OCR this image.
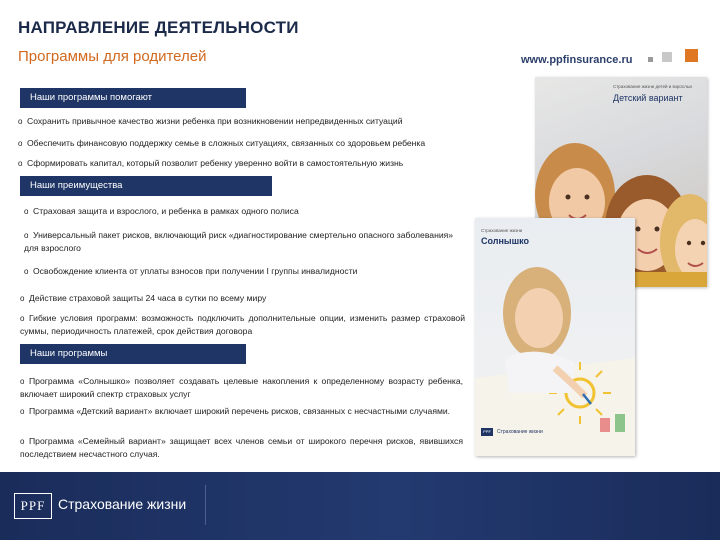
НАПРАВЛЕНИЕ ДЕЯТЕЛЬНОСТИ
Программы для родителей	www.ppfinsurance.ru
Наши программы помогают
o Сохранить привычное качество жизни ребенка при возникновении непредвиденных ситуаций
o Обеспечить финансовую поддержку семье в сложных ситуациях, связанных со здоровьем ребенка
o Сформировать капитал, который позволит ребенку уверенно войти в самостоятельную жизнь
Наши преимущества
o Страховая защита и взрослого, и ребенка в рамках одного полиса
o Универсальный пакет рисков, включающий риск «диагностирование смертельно опасного заболевания» для взрослого
o Освобождение клиента от уплаты взносов при получении I группы инвалидности
o Действие страховой защиты 24 часа в сутки по всему миру
o Гибкие условия программ: возможность подключить дополнительные опции, изменить размер страховой суммы, периодичность платежей, срок действия договора
Наши программы
o Программа «Солнышко» позволяет создавать целевые накопления к определенному возрасту ребенка, включает широкий спектр страховых услуг
o Программа «Детский вариант» включает широкий перечень рисков, связанных с несчастными случаями.
o Программа «Семейный вариант» защищает всех членов семьи от широкого перечня рисков, явившихся последствием несчастного случая.
Страхование жизни детей и взрослых
Детский вариант
Страхование жизни
Солнышко
PPF	Страхование жизни
PPF Страхование жизни
